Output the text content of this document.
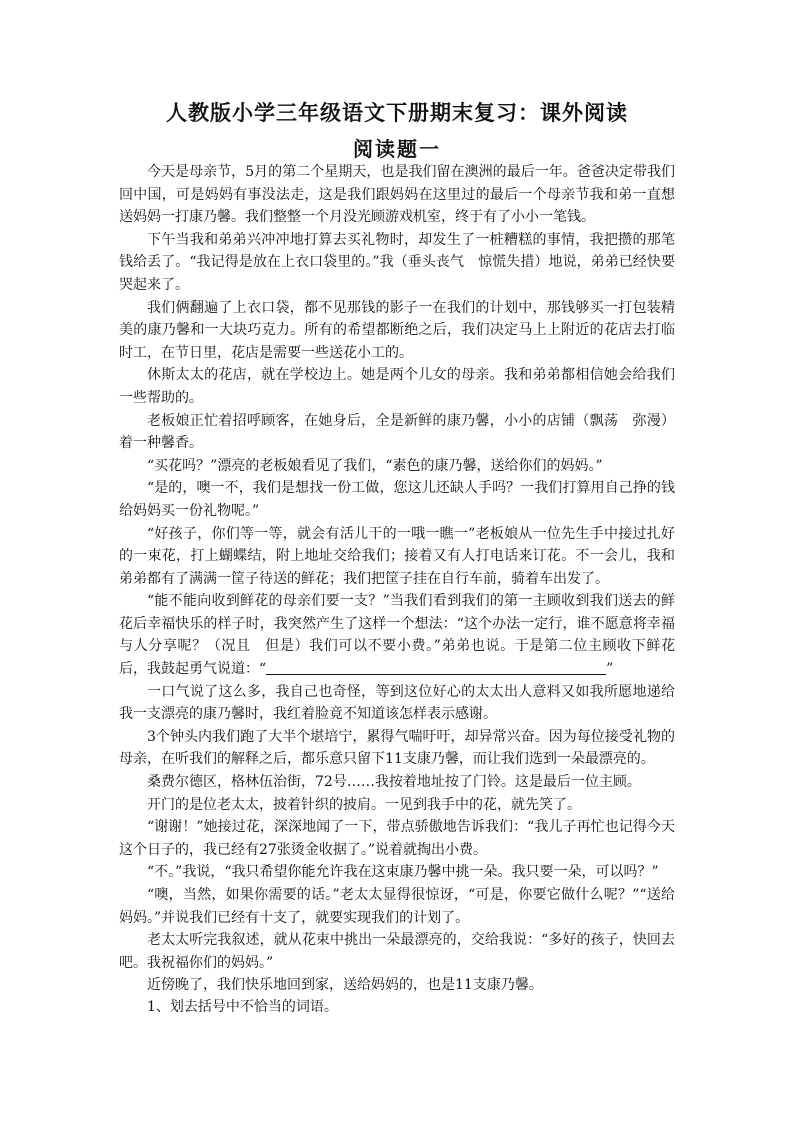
人教版小学三年级语文下册期末复习：课外阅读
阅读题一

今天是母亲节，5月的第二个星期天，也是我们留在澳洲的最后一年。爸爸决定带我们回中国，可是妈妈有事没法走，这是我们跟妈妈在这里过的最后一个母亲节我和弟一直想送妈妈一打康乃馨。我们整整一个月没光顾游戏机室，终于有了小小一笔钱。

下午当我和弟弟兴冲冲地打算去买礼物时，却发生了一桩糟糕的事情，我把攒的那笔钱给丢了。“我记得是放在上衣口袋里的。”我（垂头丧气　惊慌失措）地说，弟弟已经快要哭起来了。

我们俩翻遍了上衣口袋，都不见那钱的影子一在我们的计划中，那钱够买一打包装精美的康乃馨和一大块巧克力。所有的希望都断绝之后，我们决定马上上附近的花店去打临时工，在节日里，花店是需要一些送花小工的。

休斯太太的花店，就在学校边上。她是两个儿女的母亲。我和弟弟都相信她会给我们一些帮助的。

老板娘正忙着招呼顾客，在她身后，全是新鲜的康乃馨，小小的店铺（飘荡　弥漫）着一种馨香。

“买花吗？”漂亮的老板娘看见了我们，“素色的康乃馨，送给你们的妈妈。”

“是的，噢一不，我们是想找一份工做，您这儿还缺人手吗？一我们打算用自己挣的钱给妈妈买一份礼物呢。”

“好孩子，你们等一等，就会有活儿干的一哦一瞧一”老板娘从一位先生手中接过扎好的一束花，打上蝴蝶结，附上地址交给我们；接着又有人打电话来订花。不一会儿，我和弟弟都有了满满一筐子待送的鲜花；我们把筐子挂在自行车前，骑着车出发了。

“能不能向收到鲜花的母亲们要一支？”当我们看到我们的第一主顾收到我们送去的鲜花后幸福快乐的样子时，我突然产生了这样一个想法：“这个办法一定行，谁不愿意将幸福与人分享呢？（况且　但是）我们可以不要小费。”弟弟也说。于是第二位主顾收下鲜花后，我鼓起勇气说道：“	”

一口气说了这么多，我自己也奇怪，等到这位好心的太太出人意料又如我所愿地递给我一支漂亮的康乃馨时，我红着脸竟不知道该怎样表示感谢。

3个钟头内我们跑了大半个堪培宁，累得气喘吁吁，却异常兴奋。因为每位接受礼物的母亲，在听我们的解释之后，都乐意只留下11支康乃馨，而让我们选到一朵最漂亮的。

桑费尔德区，格林伍治街，72号……我按着地址按了门铃。这是最后一位主顾。

开门的是位老太太，披着针织的披肩。一见到我手中的花，就先笑了。

“谢谢！”她接过花，深深地闻了一下，带点骄傲地告诉我们：“我儿子再忙也记得今天这个日子的，我已经有27张烫金收据了。”说着就掏出小费。

“不。”我说，“我只希望你能允许我在这束康乃馨中挑一朵。我只要一朵，可以吗？”

“噢，当然，如果你需要的话。”老太太显得很惊讶，“可是，你要它做什么呢？”“送给妈妈。”并说我们已经有十支了，就要实现我们的计划了。

老太太听完我叙述，就从花束中挑出一朵最漂亮的，交给我说：“多好的孩子，快回去吧。我祝福你们的妈妈。”

近傍晚了，我们快乐地回到家，送给妈妈的，也是11支康乃馨。

1、划去括号中不恰当的词语。
